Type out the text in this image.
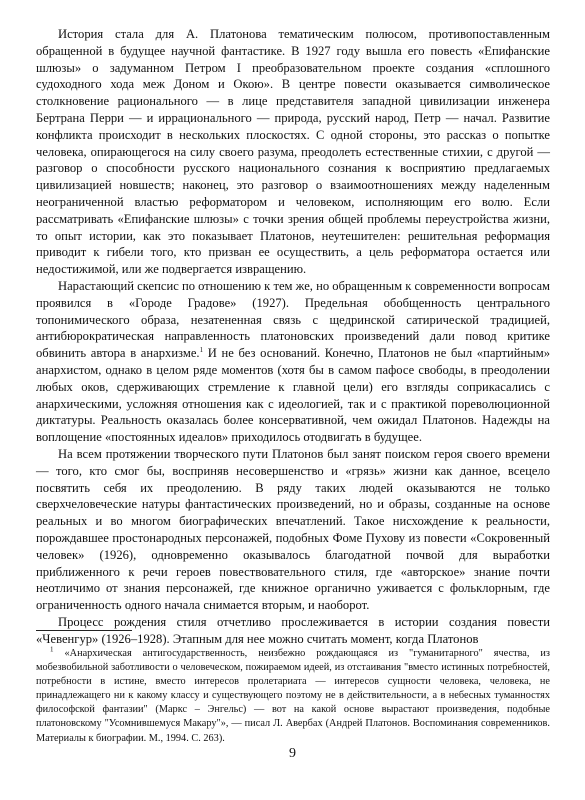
История стала для А. Платонова тематическим полюсом, противопоставленным обращенной в будущее научной фантастике. В 1927 году вышла его повесть «Епифанские шлюзы» о задуманном Петром I преобразовательном проекте создания «сплошного судоходного хода меж Доном и Окою». В центре повести оказывается символическое столкновение рационального — в лице представителя западной цивилизации инженера Бертрана Перри — и иррационального — природа, русский народ, Петр — начал. Развитие конфликта происходит в нескольких плоскостях. С одной стороны, это рассказ о попытке человека, опирающегося на силу своего разума, преодолеть естественные стихии, с другой — разговор о способности русского национального сознания к восприятию предлагаемых цивилизацией новшеств; наконец, это разговор о взаимоотношениях между наделенным неограниченной властью реформатором и человеком, исполняющим его волю. Если рассматривать «Епифанские шлюзы» с точки зрения общей проблемы переустройства жизни, то опыт истории, как это показывает Платонов, неутешителен: решительная реформация приводит к гибели того, кто призван ее осуществить, а цель реформатора остается или недостижимой, или же подвергается извращению.

Нарастающий скепсис по отношению к тем же, но обращенным к современности вопросам проявился в «Городе Градове» (1927). Предельная обобщенность центрального топонимического образа, незатененная связь с щедринской сатирической традицией, антибюрократическая направленность платоновских произведений дали повод критике обвинить автора в анархизме.$^1$ И не без оснований. Конечно, Платонов не был «партийным» анархистом, однако в целом ряде моментов (хотя бы в самом пафосе свободы, в преодолении любых оков, сдерживающих стремление к главной цели) его взгляды соприкасались с анархическими, усложняя отношения как с идеологией, так и с практикой пореволюционной диктатуры. Реальность оказалась более консервативной, чем ожидал Платонов. Надежды на воплощение «постоянных идеалов» приходилось отодвигать в будущее.

На всем протяжении творческого пути Платонов был занят поиском героя своего времени — того, кто смог бы, восприняв несовершенство и «грязь» жизни как данное, всецело посвятить себя их преодолению. В ряду таких людей оказываются не только сверхчеловеческие натуры фантастических произведений, но и образы, созданные на основе реальных и во многом биографических впечатлений. Такое нисхождение к реальности, порождавшее простонародных персонажей, подобных Фоме Пухову из повести «Сокровенный человек» (1926), одновременно оказывалось благодатной почвой для выработки приближенного к речи героев повествовательного стиля, где «авторское» знание почти неотличимо от знания персонажей, где книжное органично уживается с фольклорным, где ограниченность одного начала снимается вторым, и наоборот.

Процесс рождения стиля отчетливо прослеживается в истории создания повести «Чевенгур» (1926–1928). Этапным для нее можно считать момент, когда Платонов

$^1$ «Анархическая антигосударственность, неизбежно рождающаяся из "гуманитарного" ячества, из мобезвобильной заботливости о человеческом, пожираемом идеей, из отстаивания "вместо истинных потребностей, потребности в истине, вместо интересов пролетариата — интересов сущности человека, человека, не принадлежащего ни к какому классу и существующего поэтому не в действительности, а в небесных туманностях философской фантазии" (Маркс – Энгельс) — вот на какой основе вырастают произведения, подобные платоновскому "Усомнившемуся Макару"», — писал Л. Авербах (Андрей Платонов. Воспоминания современников. Материалы к биографии. М., 1994. С. 263).

9
